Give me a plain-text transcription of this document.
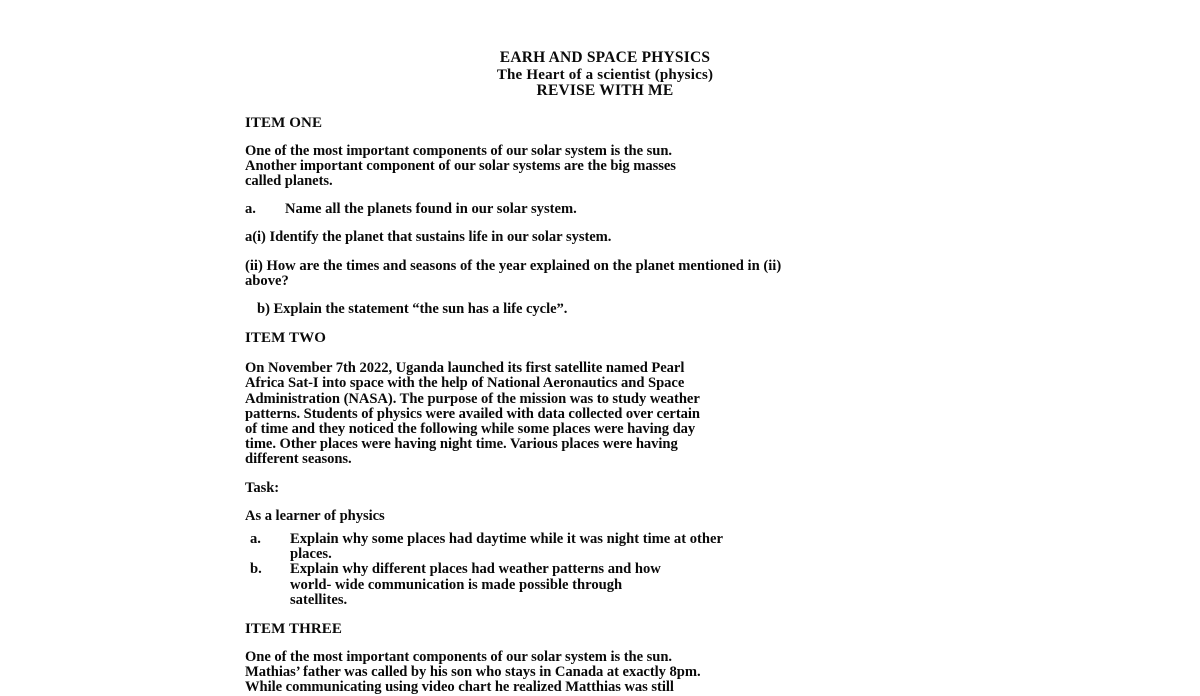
EARH AND SPACE PHYSICS
The Heart of a scientist (physics)
REVISE WITH ME
ITEM ONE
One of the most important components of our solar system is the sun.
Another important component of our solar systems are the big masses
called planets.
a.	Name all the planets found in our solar system.
a(i) Identify the planet that sustains life in our solar system.
(ii) How are the times and seasons of the year explained on the planet mentioned in (ii)
above?
b) Explain the statement “the sun has a life cycle”.
ITEM TWO
On November 7th 2022, Uganda launched its first satellite named Pearl
Africa Sat-I into space with the help of National Aeronautics and Space
Administration (NASA). The purpose of the mission was to study weather
patterns. Students of physics were availed with data collected over certain
of time and they noticed the following while some places were having day
time. Other places were having night time. Various places were having
different seasons.
Task:
As a learner of physics
a.	Explain why some places had daytime while it was night time at other
places.
b.	Explain why different places had weather patterns and how
world- wide communication is made possible through
satellites.
ITEM THREE
One of the most important components of our solar system is the sun.
Mathias’ father was called by his son who stays in Canada at exactly 8pm.
While communicating using video chart he realized Matthias was still
